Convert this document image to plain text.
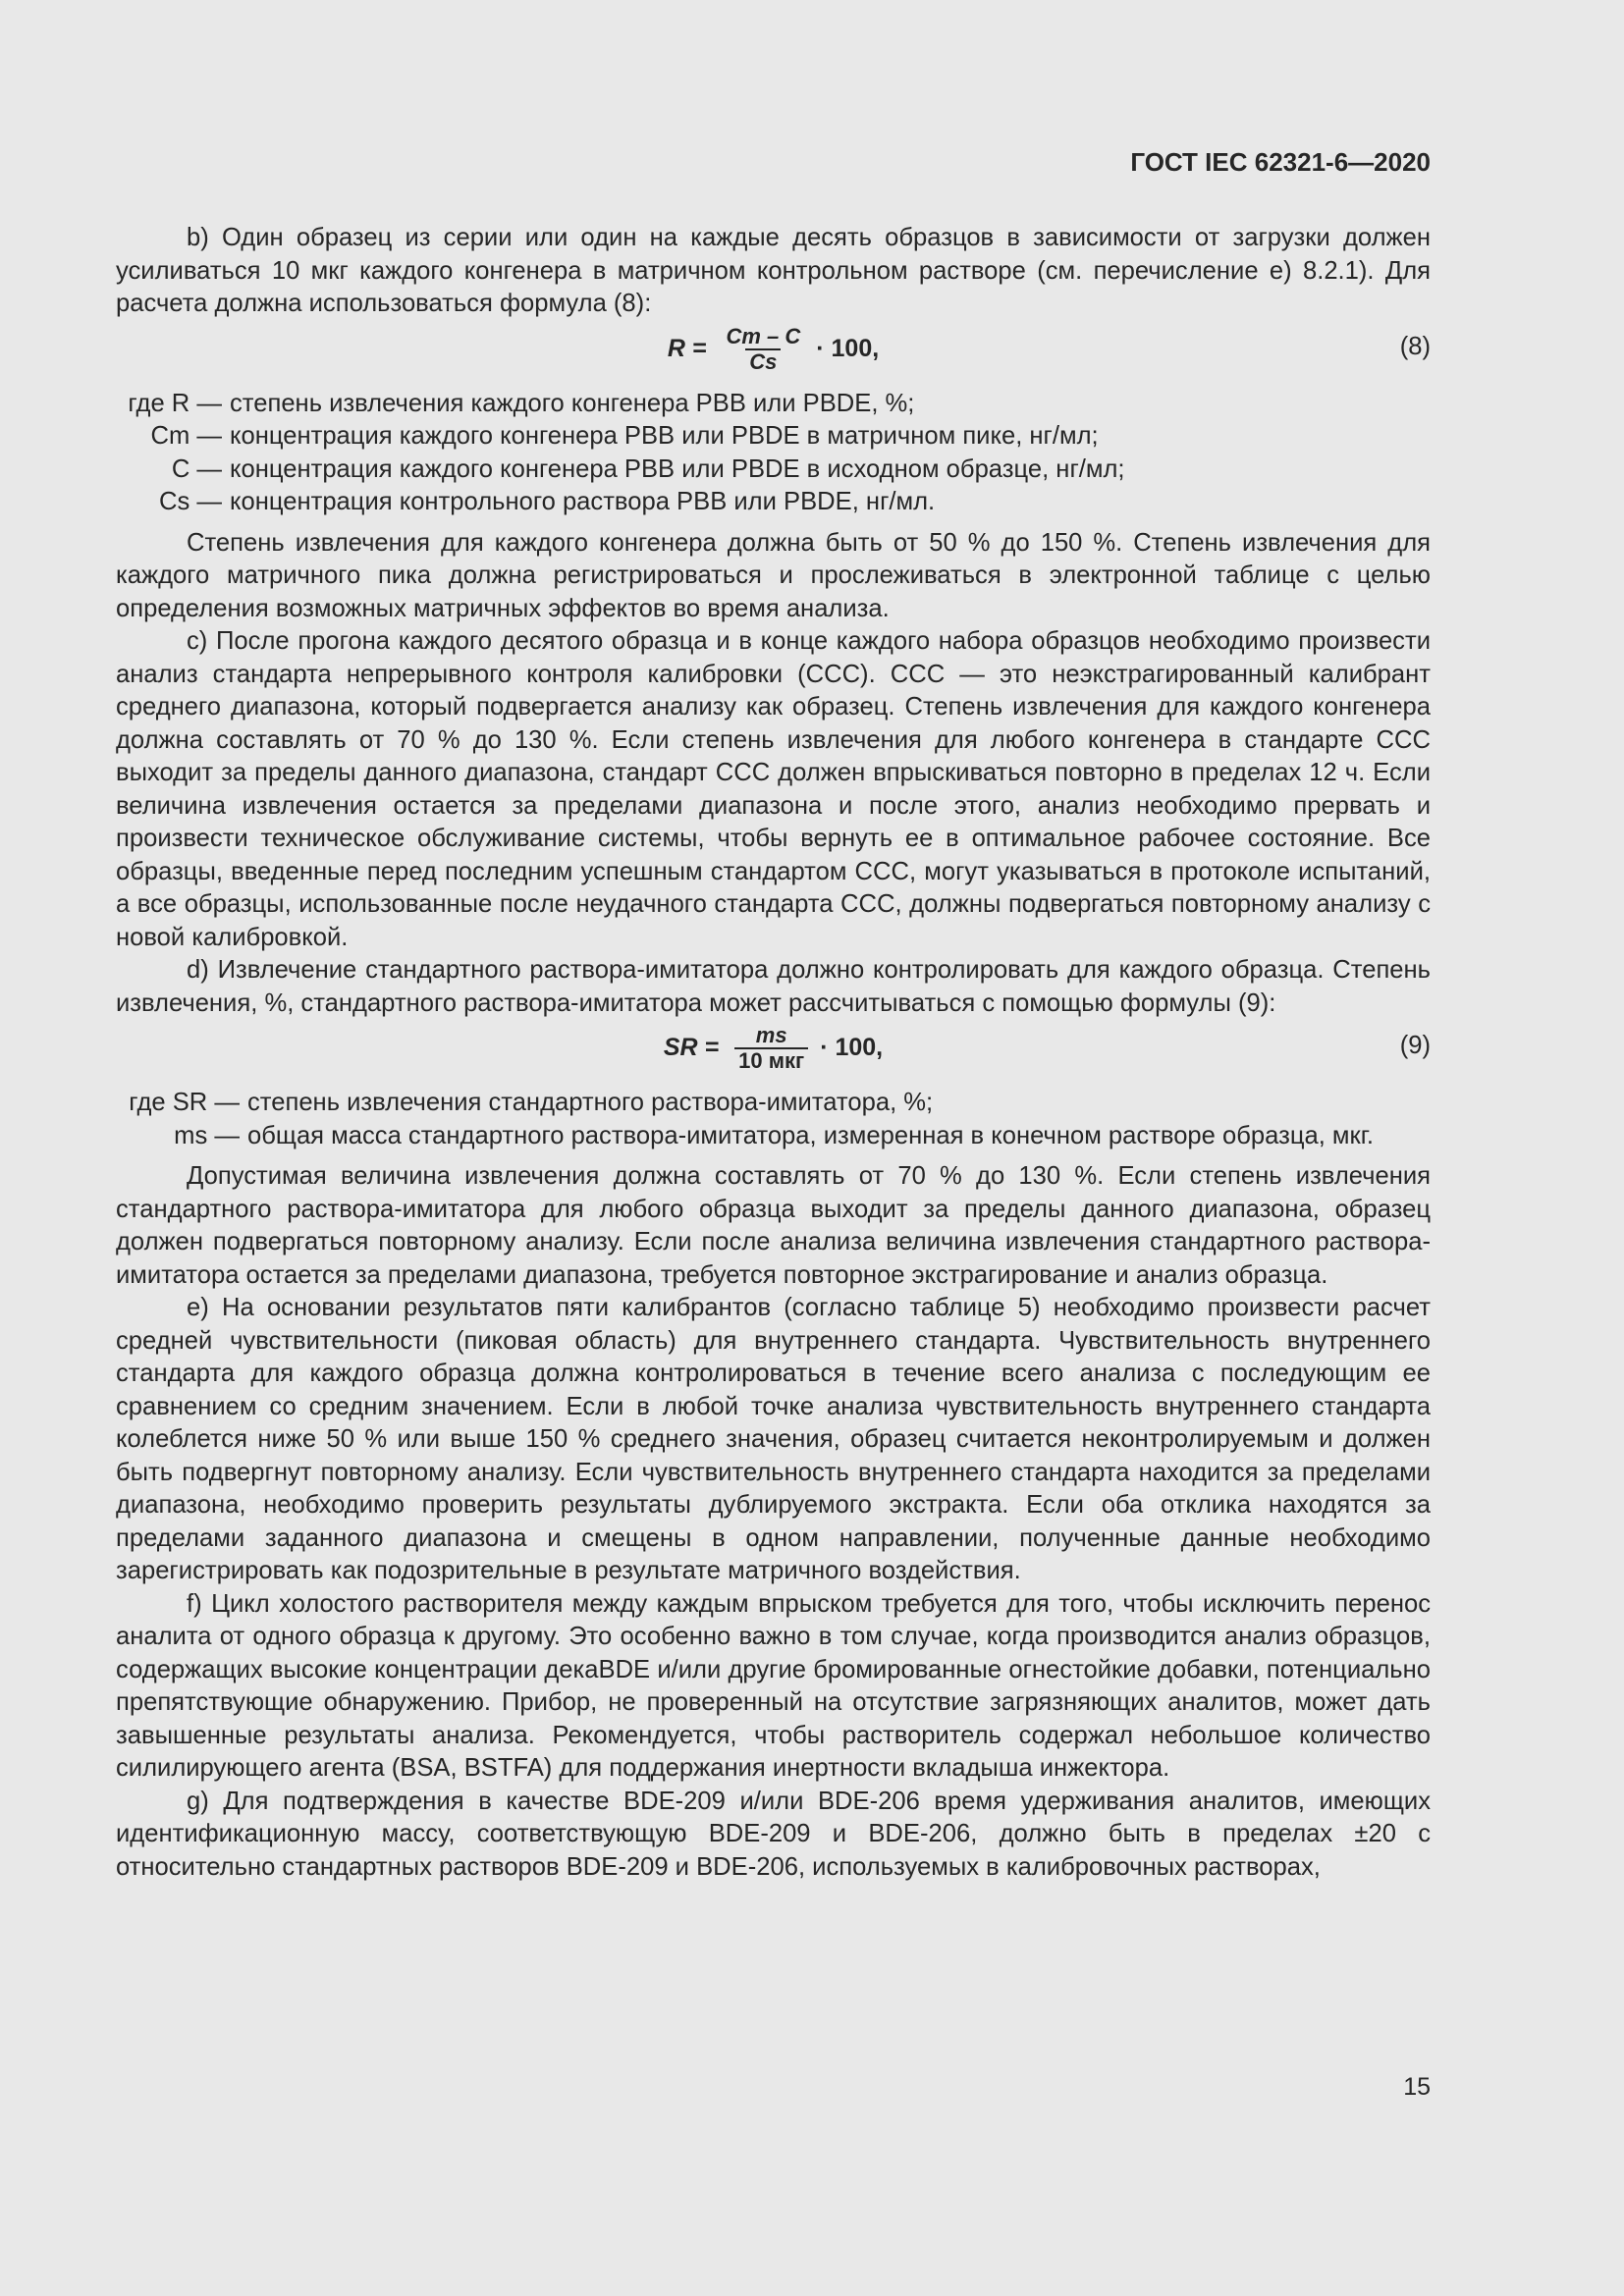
ГОСТ IEC 62321-6—2020

b) Один образец из серии или один на каждые десять образцов в зависимости от загрузки должен усиливаться 10 мкг каждого конгенера в матричном контрольном растворе (см. перечисление е) 8.2.1). Для расчета должна использоваться формула (8):

$R = \frac{Cm - C}{Cs} \cdot 100$,	(8)
где R — степень извлечения каждого конгенера PBB или PBDE, %;
Cm — концентрация каждого конгенера PBB или PBDE в матричном пике, нг/мл;
C — концентрация каждого конгенера PBB или PBDE в исходном образце, нг/мл;
Cs — концентрация контрольного раствора PBB или PBDE, нг/мл.

Степень извлечения для каждого конгенера должна быть от 50 % до 150 %. Степень извлечения для каждого матричного пика должна регистрироваться и прослеживаться в электронной таблице с целью определения возможных матричных эффектов во время анализа.

c) После прогона каждого десятого образца и в конце каждого набора образцов необходимо произвести анализ стандарта непрерывного контроля калибровки (ССС). ССС — это неэкстрагированный калибрант среднего диапазона, который подвергается анализу как образец. Степень извлечения для каждого конгенера должна составлять от 70 % до 130 %. Если степень извлечения для любого конгенера в стандарте ССС выходит за пределы данного диапазона, стандарт ССС должен впрыскиваться повторно в пределах 12 ч. Если величина извлечения остается за пределами диапазона и после этого, анализ необходимо прервать и произвести техническое обслуживание системы, чтобы вернуть ее в оптимальное рабочее состояние. Все образцы, введенные перед последним успешным стандартом ССС, могут указываться в протоколе испытаний, а все образцы, использованные после неудачного стандарта ССС, должны подвергаться повторному анализу с новой калибровкой.

d) Извлечение стандартного раствора-имитатора должно контролировать для каждого образца. Степень извлечения, %, стандартного раствора-имитатора может рассчитываться с помощью формулы (9):

SR = $\frac{ms}{\text{10 мкг}} \cdot 100$,	(9)
где SR — степень извлечения стандартного раствора-имитатора, %;
ms — общая масса стандартного раствора-имитатора, измеренная в конечном растворе образца, мкг.

Допустимая величина извлечения должна составлять от 70 % до 130 %. Если степень извлечения стандартного раствора-имитатора для любого образца выходит за пределы данного диапазона, образец должен подвергаться повторному анализу. Если после анализа величина извлечения стандартного раствора-имитатора остается за пределами диапазона, требуется повторное экстрагирование и анализ образца.

e) На основании результатов пяти калибрантов (согласно таблице 5) необходимо произвести расчет средней чувствительности (пиковая область) для внутреннего стандарта. Чувствительность внутреннего стандарта для каждого образца должна контролироваться в течение всего анализа с последующим ее сравнением со средним значением. Если в любой точке анализа чувствительность внутреннего стандарта колеблется ниже 50 % или выше 150 % среднего значения, образец считается неконтролируемым и должен быть подвергнут повторному анализу. Если чувствительность внутреннего стандарта находится за пределами диапазона, необходимо проверить результаты дублируемого экстракта. Если оба отклика находятся за пределами заданного диапазона и смещены в одном направлении, полученные данные необходимо зарегистрировать как подозрительные в результате матричного воздействия.

f) Цикл холостого растворителя между каждым впрыском требуется для того, чтобы исключить перенос аналита от одного образца к другому. Это особенно важно в том случае, когда производится анализ образцов, содержащих высокие концентрации декаBDE и/или другие бромированные огнестойкие добавки, потенциально препятствующие обнаружению. Прибор, не проверенный на отсутствие загрязняющих аналитов, может дать завышенные результаты анализа. Рекомендуется, чтобы растворитель содержал небольшое количество силилирующего агента (BSA, BSTFA) для поддержания инертности вкладыша инжектора.

g) Для подтверждения в качестве BDE-209 и/или BDE-206 время удерживания аналитов, имеющих идентификационную массу, соответствующую BDE-209 и BDE-206, должно быть в пределах ±20 с относительно стандартных растворов BDE-209 и BDE-206, используемых в калибровочных растворах,

15
